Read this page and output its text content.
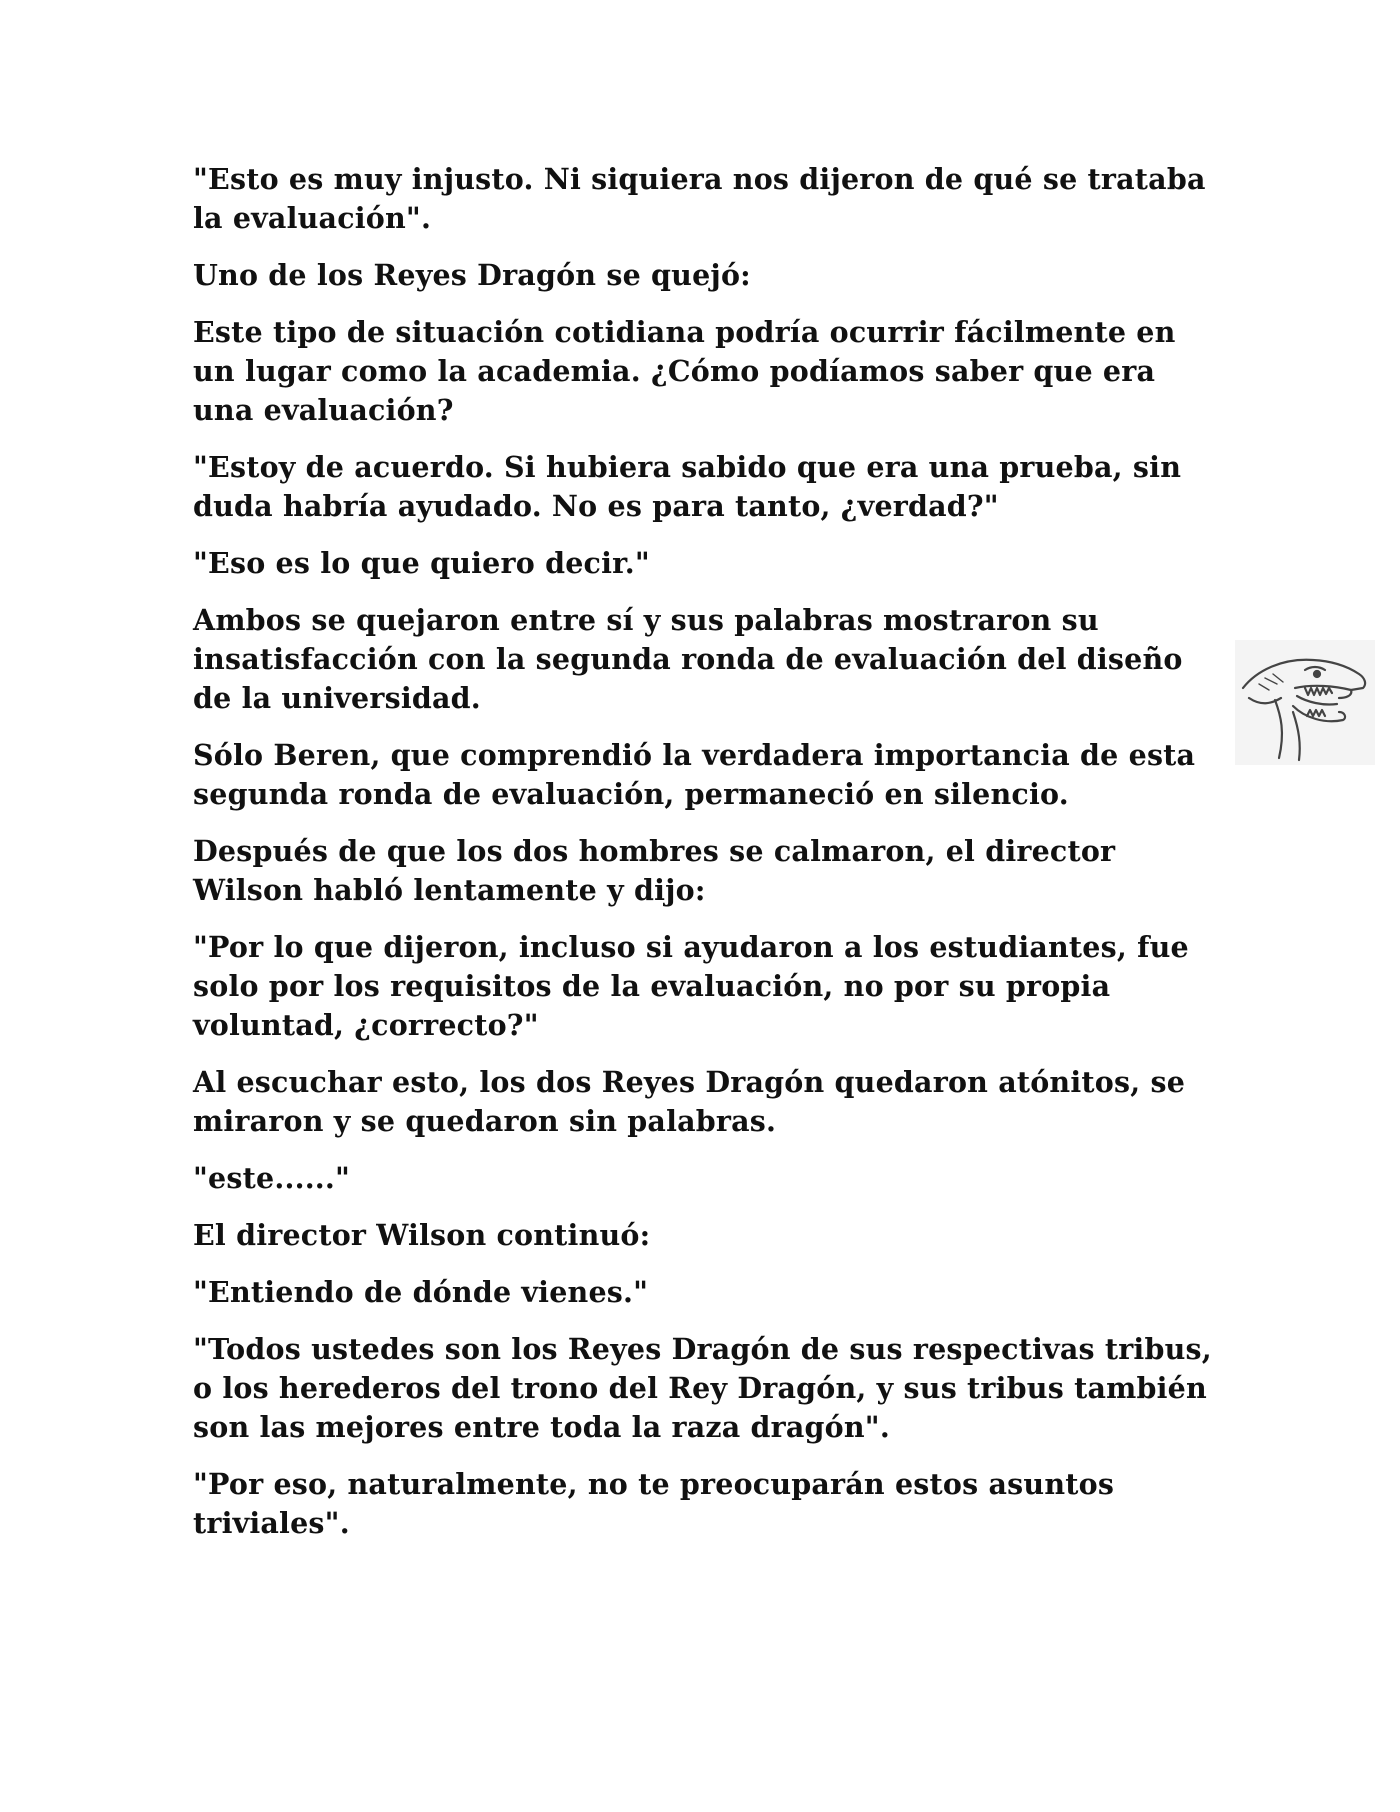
"Esto es muy injusto. Ni siquiera nos dijeron de qué se trataba la evaluación".

Uno de los Reyes Dragón se quejó:

Este tipo de situación cotidiana podría ocurrir fácilmente en un lugar como la academia. ¿Cómo podíamos saber que era una evaluación?

"Estoy de acuerdo. Si hubiera sabido que era una prueba, sin duda habría ayudado. No es para tanto, ¿verdad?"

"Eso es lo que quiero decir."

Ambos se quejaron entre sí y sus palabras mostraron su insatisfacción con la segunda ronda de evaluación del diseño de la universidad.

Sólo Beren, que comprendió la verdadera importancia de esta segunda ronda de evaluación, permaneció en silencio.

Después de que los dos hombres se calmaron, el director Wilson habló lentamente y dijo:

"Por lo que dijeron, incluso si ayudaron a los estudiantes, fue solo por los requisitos de la evaluación, no por su propia voluntad, ¿correcto?"

Al escuchar esto, los dos Reyes Dragón quedaron atónitos, se miraron y se quedaron sin palabras.

"este......"

El director Wilson continuó:

"Entiendo de dónde vienes."

"Todos ustedes son los Reyes Dragón de sus respectivas tribus, o los herederos del trono del Rey Dragón, y sus tribus también son las mejores entre toda la raza dragón".

"Por eso, naturalmente, no te preocuparán estos asuntos triviales".
